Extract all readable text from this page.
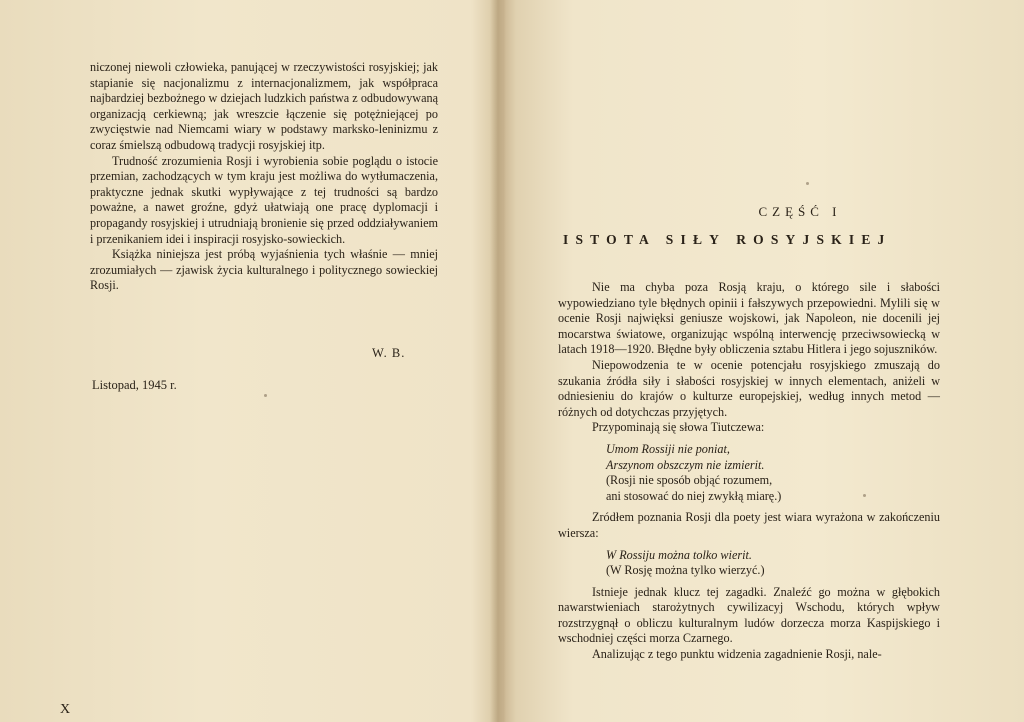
niczonej niewoli człowieka, panującej w rzeczywistości rosyjskiej; jak stapianie się nacjonalizmu z internacjonalizmem, jak współpraca najbardziej bezbożnego w dziejach ludzkich państwa z odbudowywaną organizacją cerkiewną; jak wreszcie łączenie się potężniejącej po zwycięstwie nad Niemcami wiary w podstawy marksko-leninizmu z coraz śmielszą odbudową tradycji rosyjskiej itp.

Trudność zrozumienia Rosji i wyrobienia sobie poglądu o istocie przemian, zachodzących w tym kraju jest możliwa do wytłumaczenia, praktyczne jednak skutki wypływające z tej trudności są bardzo poważne, a nawet groźne, gdyż ułatwiają one pracę dyplomacji i propagandy rosyjskiej i utrudniają bronienie się przed oddziaływaniem i przenikaniem idei i inspiracji rosyjsko-sowieckich.

Książka niniejsza jest próbą wyjaśnienia tych właśnie — mniej zrozumiałych — zjawisk życia kulturalnego i politycznego sowieckiej Rosji.

W. B.
Listopad, 1945 r.
X
CZĘŚĆ I
ISTOTA SIŁY ROSYJSKIEJ

Nie ma chyba poza Rosją kraju, o którego sile i słabości wypowiedziano tyle błędnych opinii i fałszywych przepowiedni. Mylili się w ocenie Rosji najwięksi geniusze wojskowi, jak Napoleon, nie docenili jej mocarstwa światowe, organizując wspólną interwencję przeciwsowiecką w latach 1918—1920. Błędne były obliczenia sztabu Hitlera i jego sojuszników.

Niepowodzenia te w ocenie potencjału rosyjskiego zmuszają do szukania źródła siły i słabości rosyjskiej w innych elementach, aniżeli w odniesieniu do krajów o kulturze europejskiej, według innych metod — różnych od dotychczas przyjętych.

Przypominają się słowa Tiutczewa:

Umom Rossiji nie poniat,
Arszynom obszczym nie izmierit.
(Rosji nie sposób objąć rozumem,
ani stosować do niej zwykłą miarę.)

Zródłem poznania Rosji dla poety jest wiara wyrażona w zakończeniu wiersza:

W Rossiju można tolko wierit.
(W Rosję można tylko wierzyć.)

Istnieje jednak klucz tej zagadki. Znaleźć go można w głębokich nawarstwieniach starożytnych cywilizacyj Wschodu, których wpływ rozstrzygnął o obliczu kulturalnym ludów dorzecza morza Kaspijskiego i wschodniej części morza Czarnego.

Analizując z tego punktu widzenia zagadnienie Rosji, nale-
